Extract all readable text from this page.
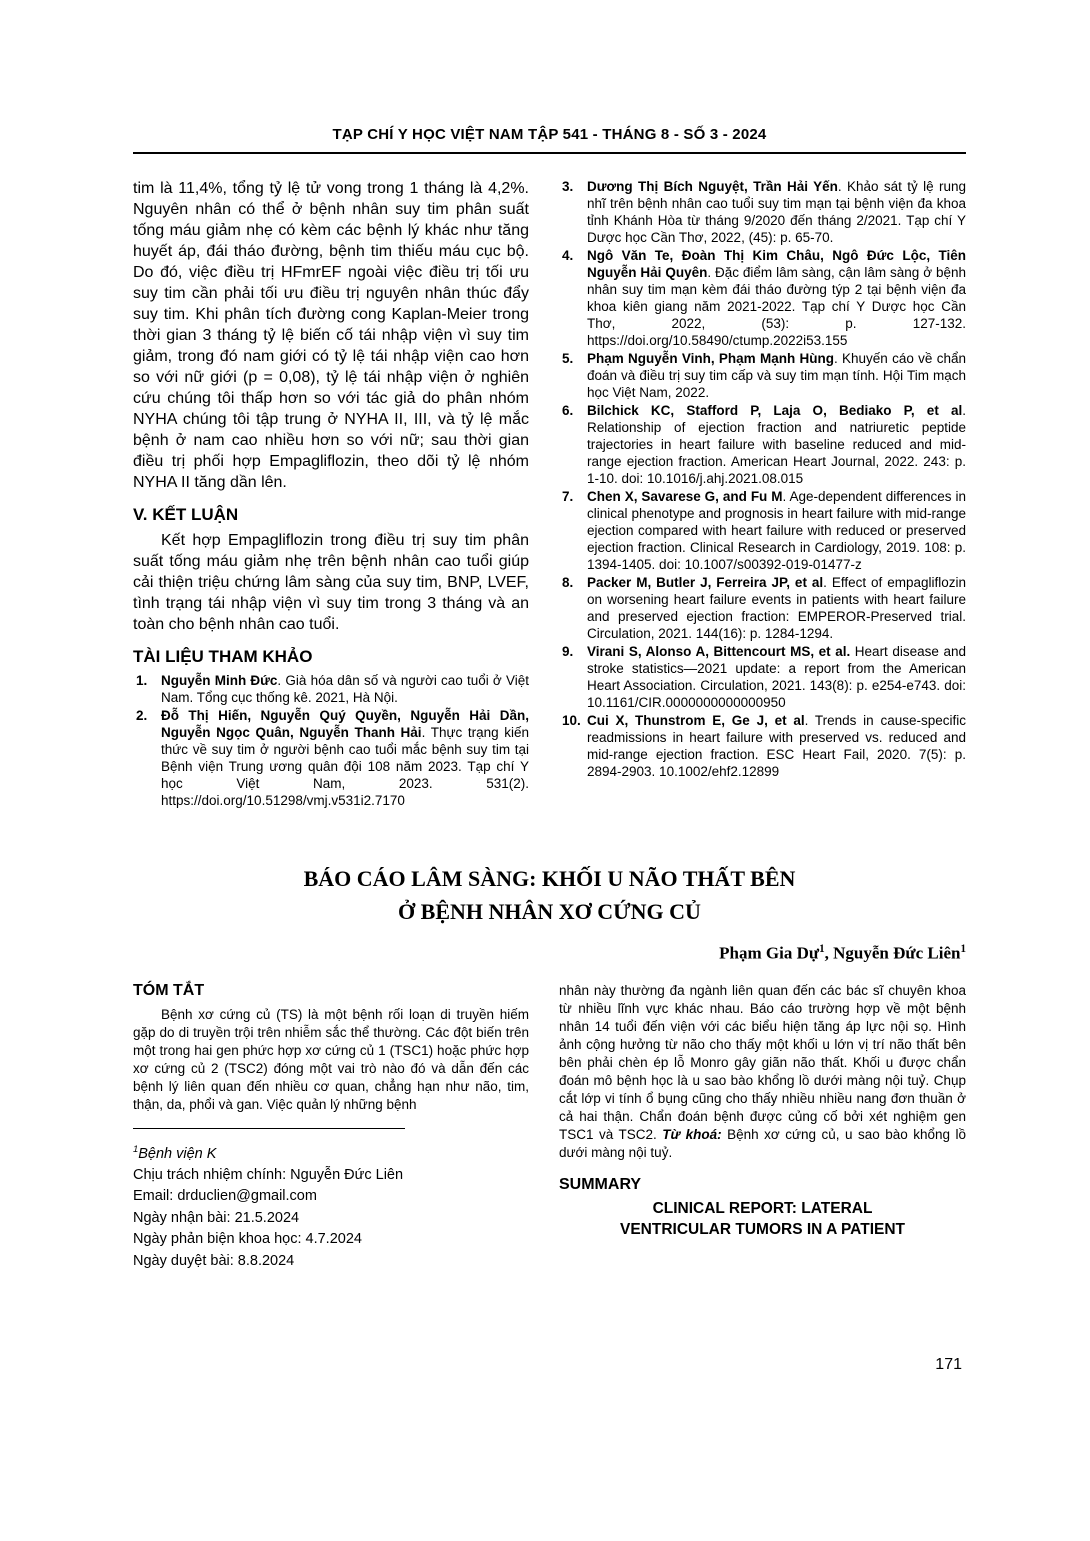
TẠP CHÍ Y HỌC VIỆT NAM TẬP 541 - THÁNG 8 - SỐ 3 - 2024

tim là 11,4%, tổng tỷ lệ tử vong trong 1 tháng là 4,2%. Nguyên nhân có thể ở bệnh nhân suy tim phân suất tống máu giảm nhẹ có kèm các bệnh lý khác như tăng huyết áp, đái tháo đường, bệnh tim thiếu máu cục bộ. Do đó, việc điều trị HFmrEF ngoài việc điều trị tối ưu suy tim cần phải tối ưu điều trị nguyên nhân thúc đẩy suy tim. Khi phân tích đường cong Kaplan-Meier trong thời gian 3 tháng tỷ lệ biến cố tái nhập viện vì suy tim giảm, trong đó nam giới có tỷ lệ tái nhập viện cao hơn so với nữ giới (p = 0,08), tỷ lệ tái nhập viện ở nghiên cứu chúng tôi thấp hơn so với tác giả do phân nhóm NYHA chúng tôi tập trung ở NYHA II, III, và tỷ lệ mắc bệnh ở nam cao nhiều hơn so với nữ; sau thời gian điều trị phối hợp Empagliflozin, theo dõi tỷ lệ nhóm NYHA II tăng dần lên.

V. KẾT LUẬN

Kết hợp Empagliflozin trong điều trị suy tim phân suất tống máu giảm nhẹ trên bệnh nhân cao tuổi giúp cải thiện triệu chứng lâm sàng của suy tim, BNP, LVEF, tình trạng tái nhập viện vì suy tim trong 3 tháng và an toàn cho bệnh nhân cao tuổi.

TÀI LIỆU THAM KHẢO
1. Nguyễn Minh Đức. Già hóa dân số và người cao tuổi ở Việt Nam. Tổng cục thống kê. 2021, Hà Nội.
2. Đỗ Thị Hiến, Nguyễn Quý Quyền, Nguyễn Hải Dần, Nguyễn Ngọc Quân, Nguyễn Thanh Hải. Thực trạng kiến thức về suy tim ở người bệnh cao tuổi mắc bệnh suy tim tại Bệnh viện Trung ương quân đội 108 năm 2023. Tạp chí Y học Việt Nam, 2023. 531(2). https://doi.org/10.51298/vmj.v531i2.7170
3. Dương Thị Bích Nguyệt, Trần Hải Yến. Khảo sát tỷ lệ rung nhĩ trên bệnh nhân cao tuổi suy tim mạn tại bệnh viện đa khoa tỉnh Khánh Hòa từ tháng 9/2020 đến tháng 2/2021. Tạp chí Y Dược học Cần Thơ, 2022, (45): p. 65-70.
4. Ngô Văn Te, Đoàn Thị Kim Châu, Ngô Đức Lộc, Tiên Nguyễn Hải Quyên. Đặc điểm lâm sàng, cận lâm sàng ở bệnh nhân suy tim mạn kèm đái tháo đường týp 2 tại bệnh viện đa khoa kiên giang năm 2021-2022. Tạp chí Y Dược học Cần Thơ, 2022, (53): p. 127-132. https://doi.org/10.58490/ctump.2022i53.155
5. Phạm Nguyễn Vinh, Phạm Mạnh Hùng. Khuyến cáo về chẩn đoán và điều trị suy tim cấp và suy tim mạn tính. Hội Tim mạch học Việt Nam, 2022.
6. Bilchick KC, Stafford P, Laja O, Bediako P, et al. Relationship of ejection fraction and natriuretic peptide trajectories in heart failure with baseline reduced and mid-range ejection fraction. American Heart Journal, 2022. 243: p. 1-10. doi: 10.1016/j.ahj.2021.08.015
7. Chen X, Savarese G, and Fu M. Age-dependent differences in clinical phenotype and prognosis in heart failure with mid-range ejection compared with heart failure with reduced or preserved ejection fraction. Clinical Research in Cardiology, 2019. 108: p. 1394-1405. doi: 10.1007/s00392-019-01477-z
8. Packer M, Butler J, Ferreira JP, et al. Effect of empagliflozin on worsening heart failure events in patients with heart failure and preserved ejection fraction: EMPEROR-Preserved trial. Circulation, 2021. 144(16): p. 1284-1294.
9. Virani S, Alonso A, Bittencourt MS, et al. Heart disease and stroke statistics—2021 update: a report from the American Heart Association. Circulation, 2021. 143(8): p. e254-e743. doi: 10.1161/CIR.0000000000000950
10. Cui X, Thunstrom E, Ge J, et al. Trends in cause-specific readmissions in heart failure with preserved vs. reduced and mid-range ejection fraction. ESC Heart Fail, 2020. 7(5): p. 2894-2903. 10.1002/ehf2.12899
BÁO CÁO LÂM SÀNG: KHỐI U NÃO THẤT BÊN
Ở BỆNH NHÂN XƠ CỨNG CỦ
Phạm Gia Dự$^1$, Nguyễn Đức Liên$^1$
TÓM TẮT

Bệnh xơ cứng củ (TS) là một bệnh rối loạn di truyền hiếm gặp do di truyền trội trên nhiễm sắc thể thường. Các đột biến trên một trong hai gen phức hợp xơ cứng củ 1 (TSC1) hoặc phức hợp xơ cứng củ 2 (TSC2) đóng một vai trò nào đó và dẫn đến các bệnh lý liên quan đến nhiều cơ quan, chẳng hạn như não, tim, thận, da, phổi và gan. Việc quản lý những bệnh

$^1$Bệnh viện K
Chịu trách nhiệm chính: Nguyễn Đức Liên
Email: drduclien@gmail.com
Ngày nhận bài: 21.5.2024
Ngày phản biện khoa học: 4.7.2024
Ngày duyệt bài: 8.8.2024

nhân này thường đa ngành liên quan đến các bác sĩ chuyên khoa từ nhiều lĩnh vực khác nhau. Báo cáo trường hợp về một bệnh nhân 14 tuổi đến viện với các biểu hiện tăng áp lực nội sọ. Hình ảnh cộng hưởng từ não cho thấy một khối u lớn vị trí não thất bên bên phải chèn ép lỗ Monro gây giãn não thất. Khối u được chẩn đoán mô bệnh học là u sao bào khổng lồ dưới màng nội tuỷ. Chụp cắt lớp vi tính ổ bụng cũng cho thấy nhiều nhiều nang đơn thuần ở cả hai thận. Chẩn đoán bệnh được củng cố bởi xét nghiệm gen TSC1 và TSC2. Từ khoá: Bệnh xơ cứng củ, u sao bào khổng lồ dưới màng nội tuỷ.

SUMMARY
CLINICAL REPORT: LATERAL
VENTRICULAR TUMORS IN A PATIENT
171
